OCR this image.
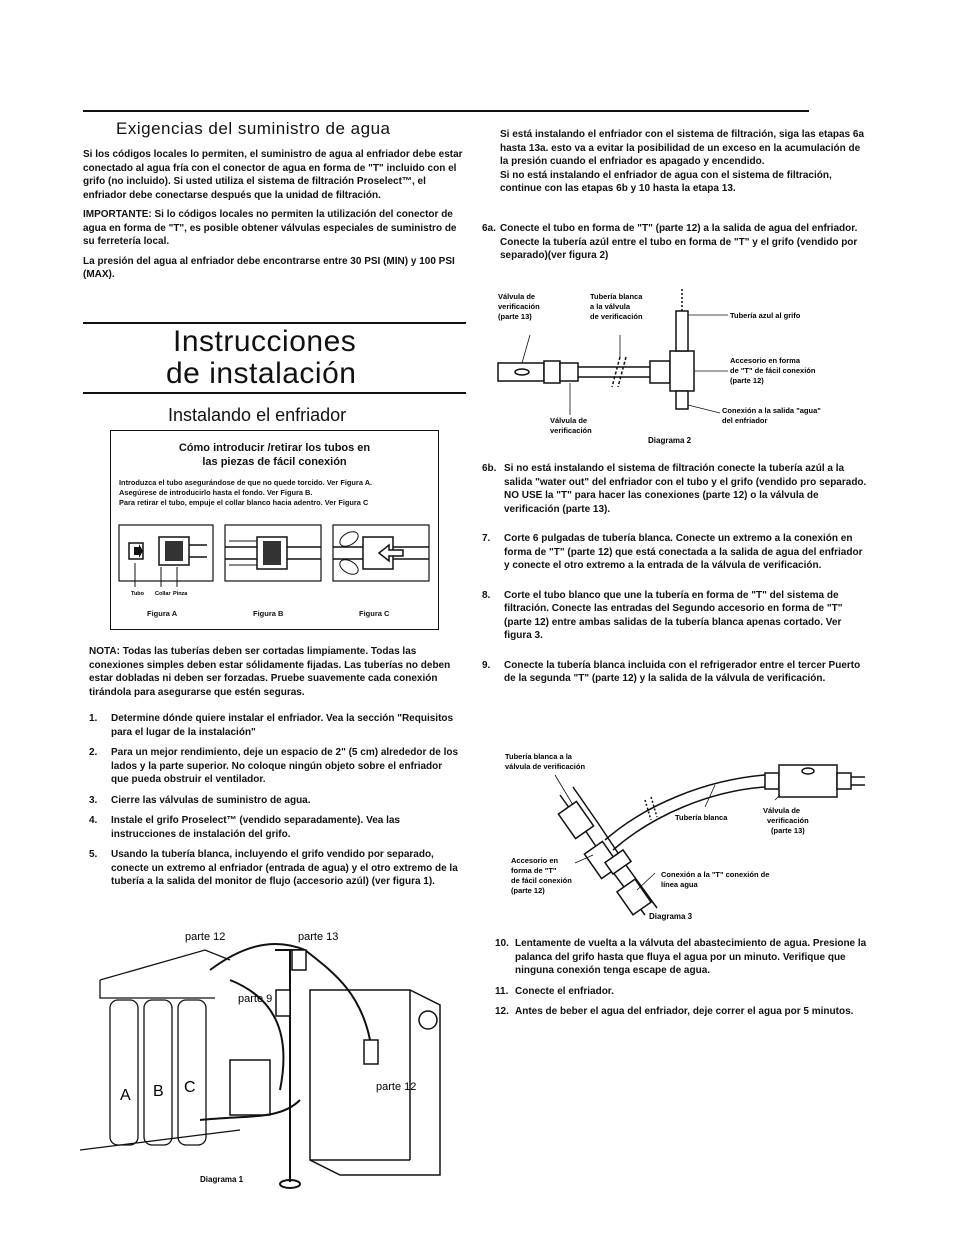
Exigencias del suministro de agua

Si los códigos locales lo permiten, el suministro de agua al enfriador debe estar conectado al agua fría con el conector de agua en forma de "T" incluido con el grifo (no incluido). Si usted utiliza el sistema de filtración Proselect™, el enfriador debe conectarse después que la unidad de filtración.

IMPORTANTE: Si lo códigos locales no permiten la utilización del conector de agua en forma de "T", es posible obtener válvulas especiales de suministro de su ferretería local.

La presión del agua al enfriador debe encontrarse entre 30 PSI (MIN) y 100 PSI (MAX).

Instrucciones
de instalación
Instalando el enfriador
Cómo introducir /retirar los tubos en
las piezas de fácil conexión
Introduzca el tubo asegurándose de que no quede torcido. Ver Figura A.
Asegúrese de introducirlo hasta el fondo. Ver Figura B.
Para retirar el tubo, empuje el collar blanco hacia adentro. Ver Figura C
Tubo Collar Pinza
Figura A	Figura B	Figura C

NOTA: Todas las tuberías deben ser cortadas limpiamente. Todas las conexiones simples deben estar sólidamente fijadas. Las tuberías no deben estar dobladas ni deben ser forzadas. Pruebe suavemente cada conexión tirándola para asegurarse que estén seguras.

1. Determine dónde quiere instalar el enfriador. Vea la sección "Requisitos para el lugar de la instalación"
2. Para un mejor rendimiento, deje un espacio de 2" (5 cm) alrededor de los lados y la parte superior. No coloque ningún objeto sobre el enfriador que pueda obstruir el ventilador.
3. Cierre las válvulas de suministro de agua.
4. Instale el grifo Proselect™ (vendido separadamente). Vea las instrucciones de instalación del grifo.
5. Usando la tubería blanca, incluyendo el grifo vendido por separado, conecte un extremo al enfriador (entrada de agua) y el otro extremo de la tubería a la salida del monitor de flujo (accesorio azúl) (ver figura 1).
parte 12	parte 13
parte 9
parte 12
A B C
Diagrama 1

Si está instalando el enfriador con el sistema de filtración, siga las etapas 6a hasta 13a. esto va a evitar la posibilidad de un exceso en la acumulación de la presión cuando el enfriador es apagado y encendido.

Si no está instalando el enfriador de agua con el sistema de filtración, continue con las etapas 6b y 10 hasta la etapa 13.

6a. Conecte el tubo en forma de "T" (parte 12) a la salida de agua del enfriador. Conecte la tubería azúl entre el tubo en forma de "T" y el grifo (vendido por separado)(ver figura 2)
Válvula de verificación (parte 13)
Tubería blanca a la válvula de verificación	Tubería azul al grifo
Accesorio en forma de "T" de fácil conexión (parte 12)
Conexión a la salida "agua" del enfriador
Válvula de verificación
Diagrama 2
6b. Si no está instalando el sistema de filtración conecte la tubería azúl a la salida "water out" del enfriador con el tubo y el grifo (vendido pro separado. NO USE la "T" para hacer las conexiones (parte 12) o la válvula de verificación (parte 13).
7. Corte 6 pulgadas de tubería blanca. Conecte un extremo a la conexión en forma de "T" (parte 12) que está conectada a la salida de agua del enfriador y conecte el otro extremo a la entrada de la válvula de verificación.
8. Corte el tubo blanco que une la tubería en forma de "T" del sistema de filtración. Conecte las entradas del Segundo accesorio en forma de "T" (parte 12) entre ambas salidas de la tubería blanca apenas cortado. Ver figura 3.
9. Conecte la tubería blanca incluida con el refrigerador entre el tercer Puerto de la segunda "T" (parte 12) y la salida de la válvula de verificación.
Tubería blanca a la válvula de verificación
Tubería blanca
Válvula de verificación (parte 13)
Accesorio en forma de "T" de fácil conexión (parte 12)
Conexión a la "T" conexión de línea agua
Diagrama 3
10. Lentamente de vuelta a la válvuta del abastecimiento de agua. Presione la palanca del grifo hasta que fluya el agua por un minuto. Verifique que ninguna conexión tenga escape de agua.
11. Conecte el enfriador.
12. Antes de beber el agua del enfriador, deje correr el agua por 5 minutos.
